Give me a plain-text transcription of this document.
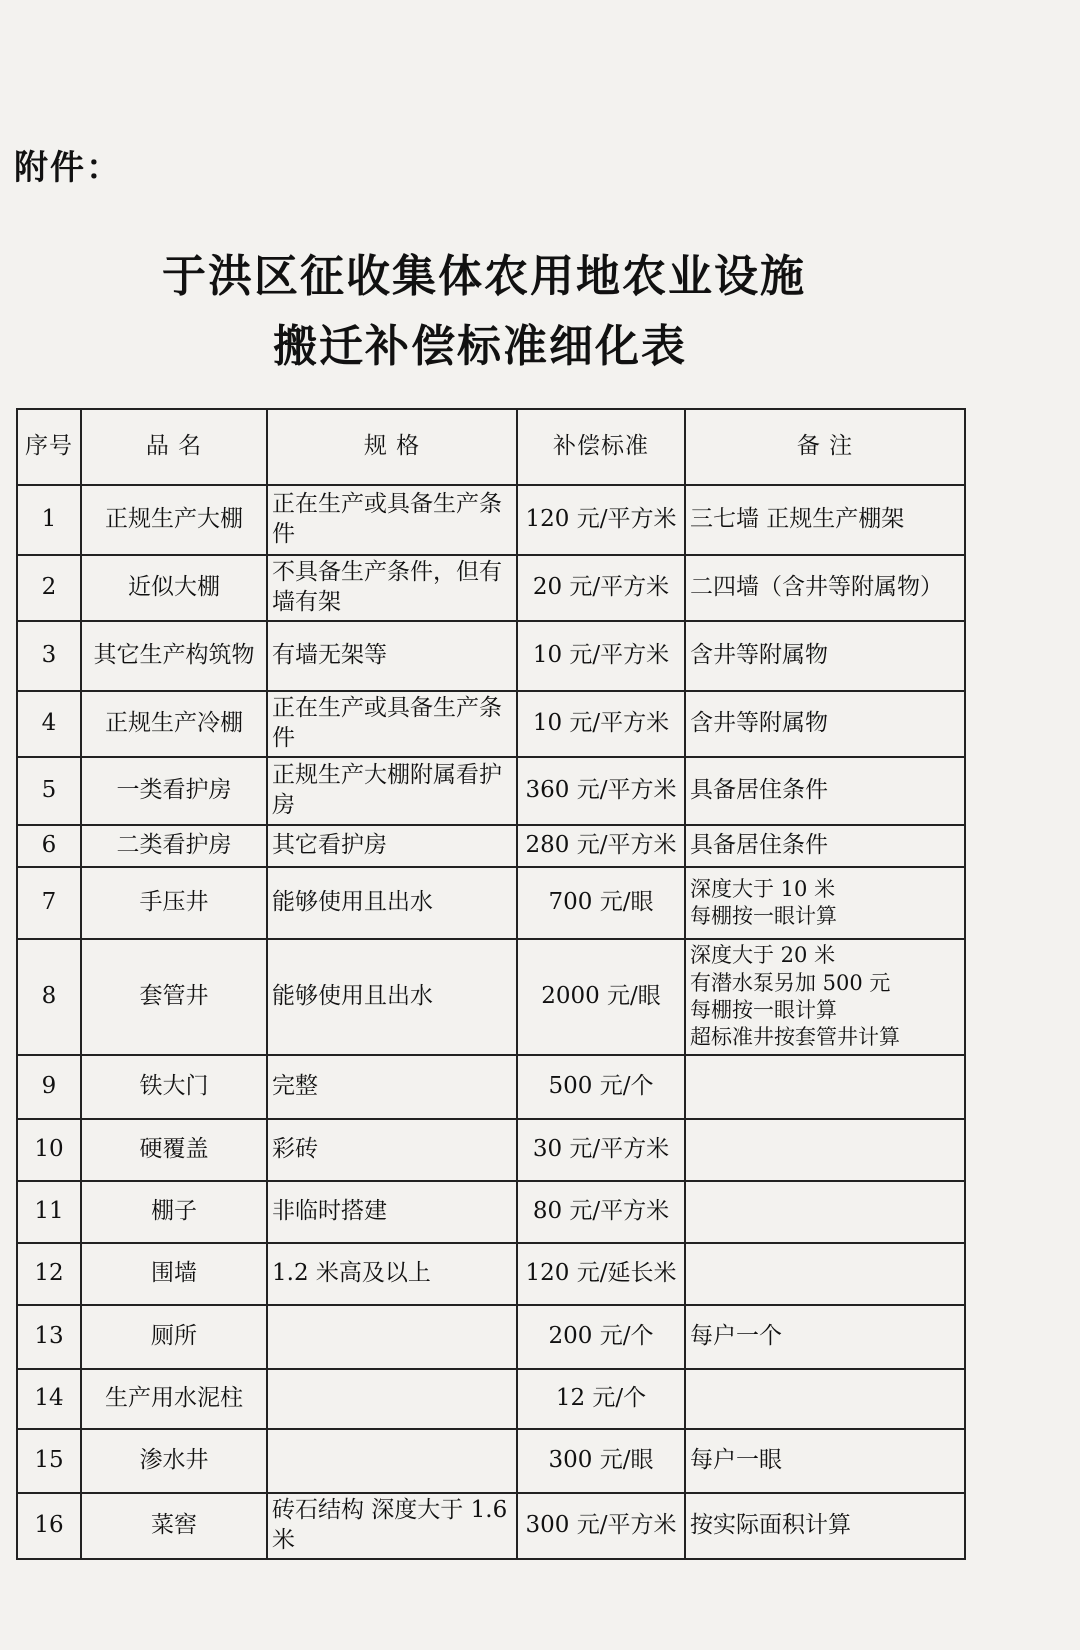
附件：
于洪区征收集体农用地农业设施
搬迁补偿标准细化表
序号	品 名	规 格	补偿标准	备 注
1	正规生产大棚	正在生产或具备生产条件	120 元/平方米	三七墙 正规生产棚架
2	近似大棚	不具备生产条件，但有墙有架	20 元/平方米	二四墙（含井等附属物）
3	其它生产构筑物	有墙无架等	10 元/平方米	含井等附属物
4	正规生产冷棚	正在生产或具备生产条件	10 元/平方米	含井等附属物
5	一类看护房	正规生产大棚附属看护房	360 元/平方米	具备居住条件
6	二类看护房	其它看护房	280 元/平方米	具备居住条件
7	手压井	能够使用且出水	700 元/眼	深度大于 10 米
每棚按一眼计算

8	套管井	能够使用且出水	2000 元/眼	深度大于 20 米
有潜水泵另加 500 元
每棚按一眼计算
超标准井按套管井计算

9	铁大门	完整	500 元/个	
10	硬覆盖	彩砖	30 元/平方米	
11	棚子	非临时搭建	80 元/平方米	
12	围墙	1.2 米高及以上	120 元/延长米	
13	厕所		200 元/个	每户一个
14	生产用水泥柱		12 元/个	
15	渗水井		300 元/眼	每户一眼
16	菜窖	砖石结构 深度大于 1.6 米	300 元/平方米	按实际面积计算
